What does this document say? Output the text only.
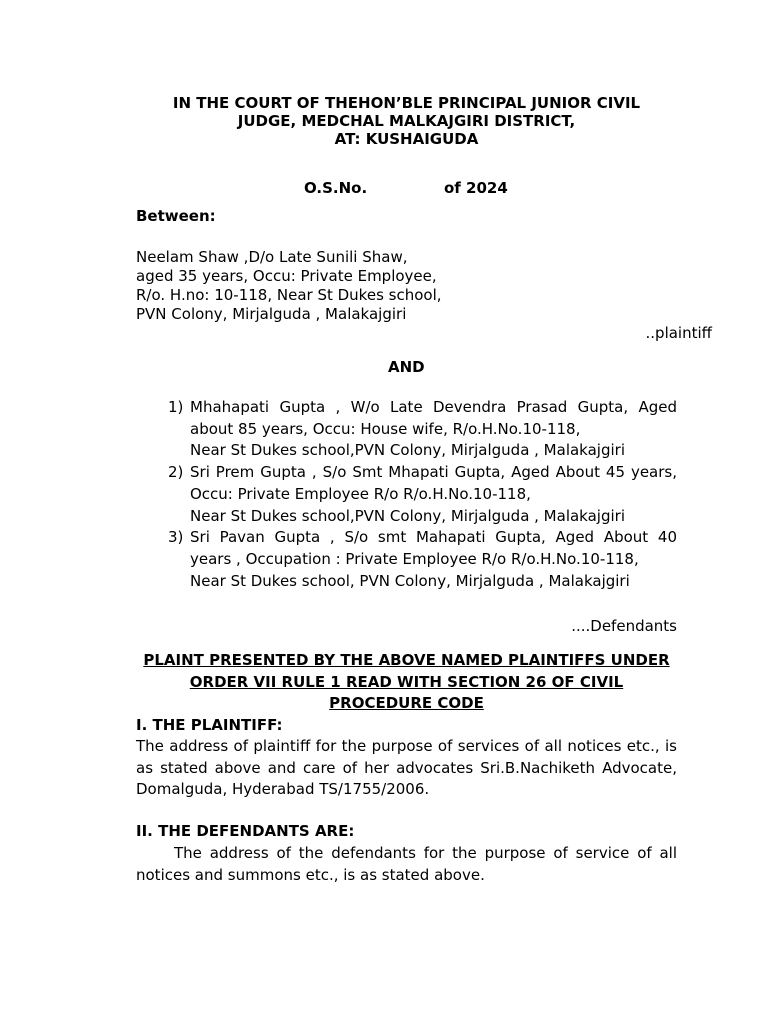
IN THE COURT OF THEHON’BLE PRINCIPAL JUNIOR CIVIL
JUDGE, MEDCHAL MALKAJGIRI DISTRICT,
AT: KUSHAIGUDA
O.S.No.	of 2024
Between:
Neelam Shaw ,D/o Late Sunili Shaw,
aged 35 years, Occu: Private Employee,
R/o. H.no: 10-118, Near St Dukes school,
PVN Colony, Mirjalguda , Malakajgiri
..plaintiff
AND
1) Mhahapati Gupta , W/o Late Devendra Prasad Gupta, Aged
about 85 years, Occu: House wife, R/o.H.No.10-118,
Near St Dukes school,PVN Colony, Mirjalguda , Malakajgiri
2) Sri Prem Gupta , S/o Smt Mhapati Gupta, Aged About 45 years,
Occu: Private Employee R/o R/o.H.No.10-118,
Near St Dukes school,PVN Colony, Mirjalguda , Malakajgiri
3) Sri Pavan Gupta , S/o smt Mahapati Gupta, Aged About 40
years , Occupation : Private Employee R/o R/o.H.No.10-118,
Near St Dukes school, PVN Colony, Mirjalguda , Malakajgiri
....Defendants
PLAINT PRESENTED BY THE ABOVE NAMED PLAINTIFFS UNDER
ORDER VII RULE 1 READ WITH SECTION 26 OF CIVIL
PROCEDURE CODE
I. THE PLAINTIFF:
The address of plaintiff for the purpose of services of all notices etc., is
as stated above and care of her advocates Sri.B.Nachiketh Advocate,
Domalguda, Hyderabad TS/1755/2006.
II. THE DEFENDANTS ARE:
The address of the defendants for the purpose of service of all
notices and summons etc., is as stated above.
